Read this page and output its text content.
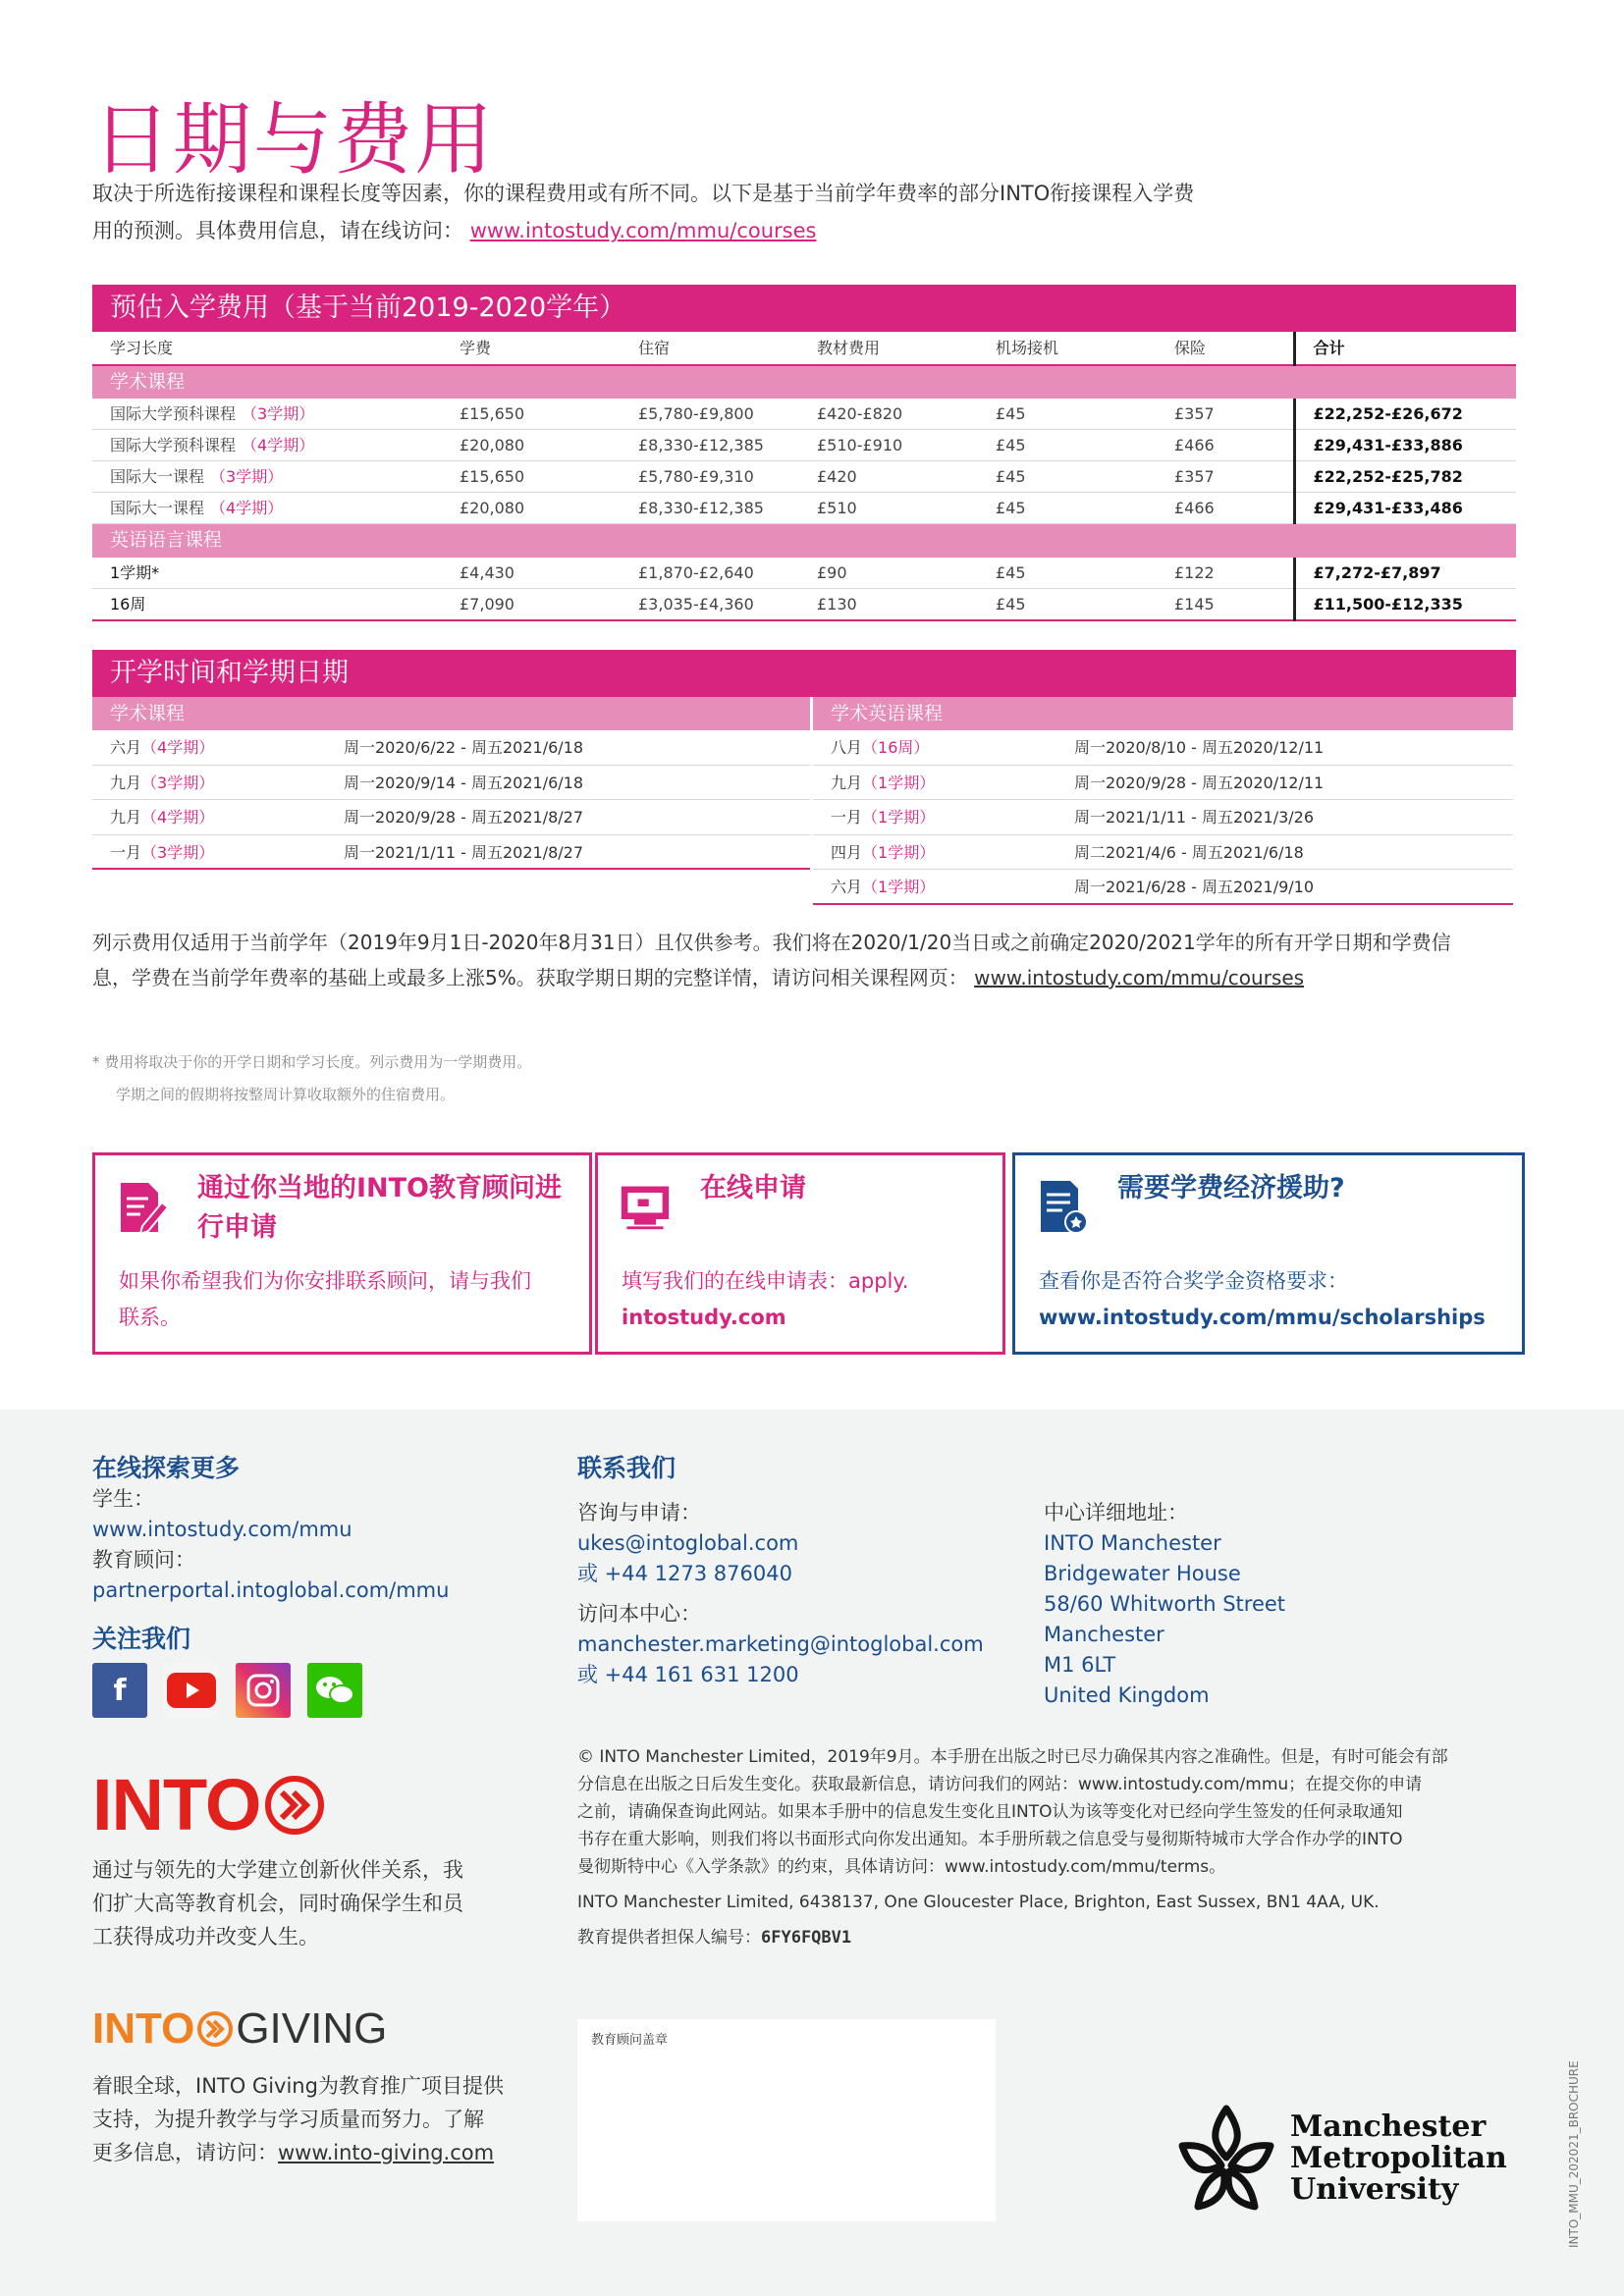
日期与费用
取决于所选衔接课程和课程长度等因素，你的课程费用或有所不同。以下是基于当前学年费率的部分INTO衔接课程入学费
用的预测。具体费用信息，请在线访问： www.intostudy.com/mmu/courses
预估入学费用（基于当前2019-2020学年）
学习长度	学费	住宿	教材费用	机场接机	保险	合计
学术课程						
国际大学预科课程 （3学期）	£15,650	£5,780-£9,800	£420-£820	£45	£357	£22,252-£26,672
国际大学预科课程 （4学期）	£20,080	£8,330-£12,385	£510-£910	£45	£466	£29,431-£33,886
国际大一课程 （3学期）	£15,650	£5,780-£9,310	£420	£45	£357	£22,252-£25,782
国际大一课程 （4学期）	£20,080	£8,330-£12,385	£510	£45	£466	£29,431-£33,486
英语语言课程						
1学期*	£4,430	£1,870-£2,640	£90	£45	£122	£7,272-£7,897
16周	£7,090	£3,035-£4,360	£130	£45	£145	£11,500-£12,335
开学时间和学期日期
学术课程
六月（4学期）	周一2020/6/22 - 周五2021/6/18
九月（3学期）	周一2020/9/14 - 周五2021/6/18
九月（4学期）	周一2020/9/28 - 周五2021/8/27
一月（3学期）	周一2021/1/11 - 周五2021/8/27
学术英语课程
八月（16周）	周一2020/8/10 - 周五2020/12/11
九月（1学期）	周一2020/9/28 - 周五2020/12/11
一月（1学期）	周一2021/1/11 - 周五2021/3/26
四月（1学期）	周二2021/4/6 - 周五2021/6/18
六月（1学期）	周一2021/6/28 - 周五2021/9/10
列示费用仅适用于当前学年（2019年9月1日-2020年8月31日）且仅供参考。我们将在2020/1/20当日或之前确定2020/2021学年的所有开学日期和学费信
息，学费在当前学年费率的基础上或最多上涨5%。获取学期日期的完整详情，请访问相关课程网页： www.intostudy.com/mmu/courses
* 费用将取决于你的开学日期和学习长度。列示费用为一学期费用。
学期之间的假期将按整周计算收取额外的住宿费用。
通过你当地的INTO教育顾问进
行申请
如果你希望我们为你安排联系顾问，请与我们
联系。
在线申请
填写我们的在线申请表：apply.
intostudy.com
需要学费经济援助?
查看你是否符合奖学金资格要求：
www.intostudy.com/mmu/scholarships
在线探索更多
学生：
www.intostudy.com/mmu
教育顾问：
partnerportal.intoglobal.com/mmu
关注我们
f
INTO
通过与领先的大学建立创新伙伴关系，我
们扩大高等教育机会，同时确保学生和员
工获得成功并改变人生。
INTO GIVING
着眼全球，INTO Giving为教育推广项目提供
支持，为提升教学与学习质量而努力。了解
更多信息，请访问：www.into-giving.com
联系我们
咨询与申请：
ukes@intoglobal.com
或 +44 1273 876040
访问本中心：
manchester.marketing@intoglobal.com
或 +44 161 631 1200
中心详细地址：
INTO Manchester
Bridgewater House
58/60 Whitworth Street
Manchester
M1 6LT
United Kingdom
© INTO Manchester Limited，2019年9月。本手册在出版之时已尽力确保其内容之准确性。但是，有时可能会有部
分信息在出版之日后发生变化。获取最新信息，请访问我们的网站：www.intostudy.com/mmu；在提交你的申请
之前，请确保查询此网站。如果本手册中的信息发生变化且INTO认为该等变化对已经向学生签发的任何录取通知
书存在重大影响，则我们将以书面形式向你发出通知。本手册所载之信息受与曼彻斯特城市大学合作办学的INTO
曼彻斯特中心《入学条款》的约束，具体请访问：www.intostudy.com/mmu/terms。
INTO Manchester Limited, 6438137, One Gloucester Place, Brighton, East Sussex, BN1 4AA, UK.
教育提供者担保人编号：6FY6FQBV1
教育顾问盖章
Manchester
Metropolitan
University	INTO_MMU_202021_BROCHURE
